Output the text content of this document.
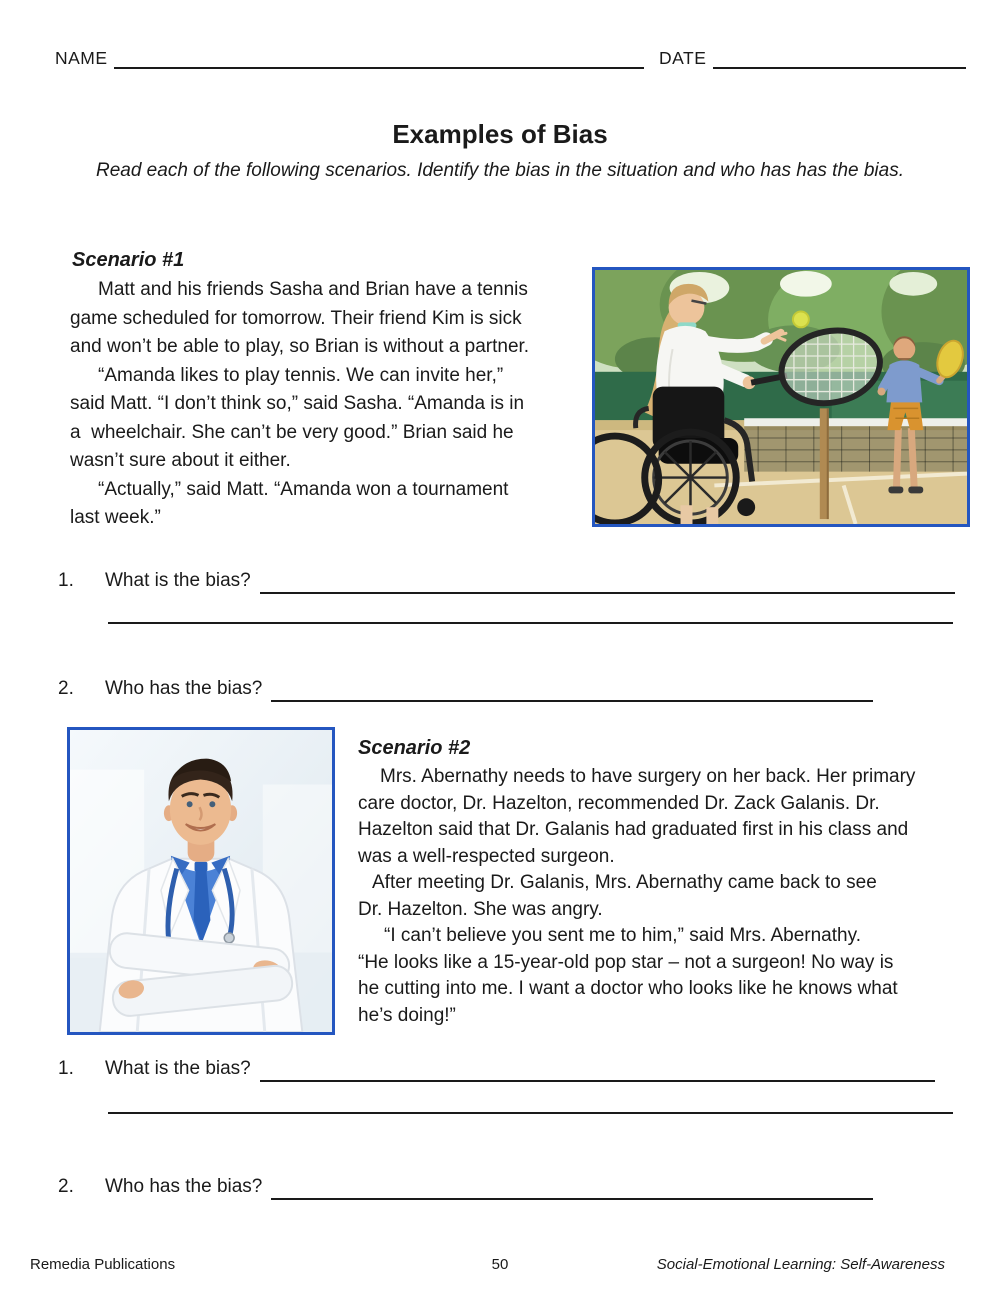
NAME	DATE
Examples of Bias
Read each of the following scenarios. Identify the bias in the situation and who has has the bias.
Scenario #1
Matt and his friends Sasha and Brian have a tennis
game scheduled for tomorrow. Their friend Kim is sick
and won’t be able to play, so Brian is without a partner.
“Amanda likes to play tennis. We can invite her,”
said Matt. “I don’t think so,” said Sasha. “Amanda is in
a  wheelchair. She can’t be very good.” Brian said he
wasn’t sure about it either.
“Actually,” said Matt. “Amanda won a tournament
last week.”
1.	What is the bias?
2.	Who has the bias?
Scenario #2
Mrs. Abernathy needs to have surgery on her back. Her primary
care doctor, Dr. Hazelton, recommended Dr. Zack Galanis. Dr.
Hazelton said that Dr. Galanis had graduated first in his class and
was a well-respected surgeon.
After meeting Dr. Galanis, Mrs. Abernathy came back to see
Dr. Hazelton. She was angry.
“I can’t believe you sent me to him,” said Mrs. Abernathy.
“He looks like a 15-year-old pop star – not a surgeon! No way is
he cutting into me. I want a doctor who looks like he knows what
he’s doing!”
1.	What is the bias?
2.	Who has the bias?
Remedia Publications	50	Social-Emotional Learning: Self-Awareness
